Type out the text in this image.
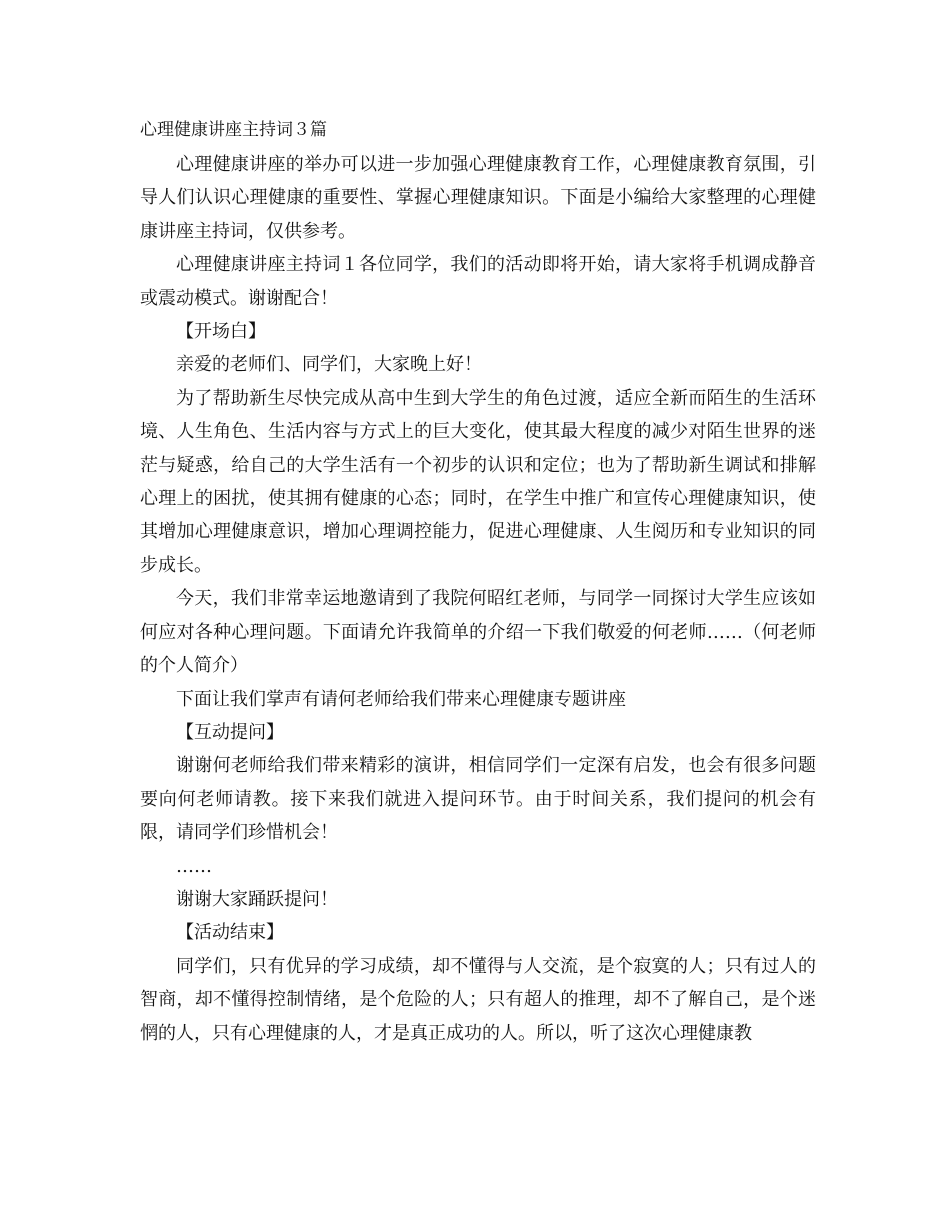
心理健康讲座主持词３篇

心理健康讲座的举办可以进一步加强心理健康教育工作，心理健康教育氛围，引导人们认识心理健康的重要性、掌握心理健康知识。下面是小编给大家整理的心理健康讲座主持词，仅供参考。

心理健康讲座主持词１各位同学，我们的活动即将开始，请大家将手机调成静音或震动模式。谢谢配合！

【开场白】

亲爱的老师们、同学们，大家晚上好！

为了帮助新生尽快完成从高中生到大学生的角色过渡，适应全新而陌生的生活环境、人生角色、生活内容与方式上的巨大变化，使其最大程度的减少对陌生世界的迷茫与疑惑，给自己的大学生活有一个初步的认识和定位；也为了帮助新生调试和排解心理上的困扰，使其拥有健康的心态；同时，在学生中推广和宣传心理健康知识，使其增加心理健康意识，增加心理调控能力，促进心理健康、人生阅历和专业知识的同步成长。

今天，我们非常幸运地邀请到了我院何昭红老师，与同学一同探讨大学生应该如何应对各种心理问题。下面请允许我简单的介绍一下我们敬爱的何老师……（何老师的个人简介）

下面让我们掌声有请何老师给我们带来心理健康专题讲座

【互动提问】

谢谢何老师给我们带来精彩的演讲，相信同学们一定深有启发，也会有很多问题要向何老师请教。接下来我们就进入提问环节。由于时间关系，我们提问的机会有限，请同学们珍惜机会！

……

谢谢大家踊跃提问！

【活动结束】

同学们，只有优异的学习成绩，却不懂得与人交流，是个寂寞的人；只有过人的智商，却不懂得控制情绪，是个危险的人；只有超人的推理，却不了解自己，是个迷惘的人，只有心理健康的人，才是真正成功的人。所以，听了这次心理健康教
